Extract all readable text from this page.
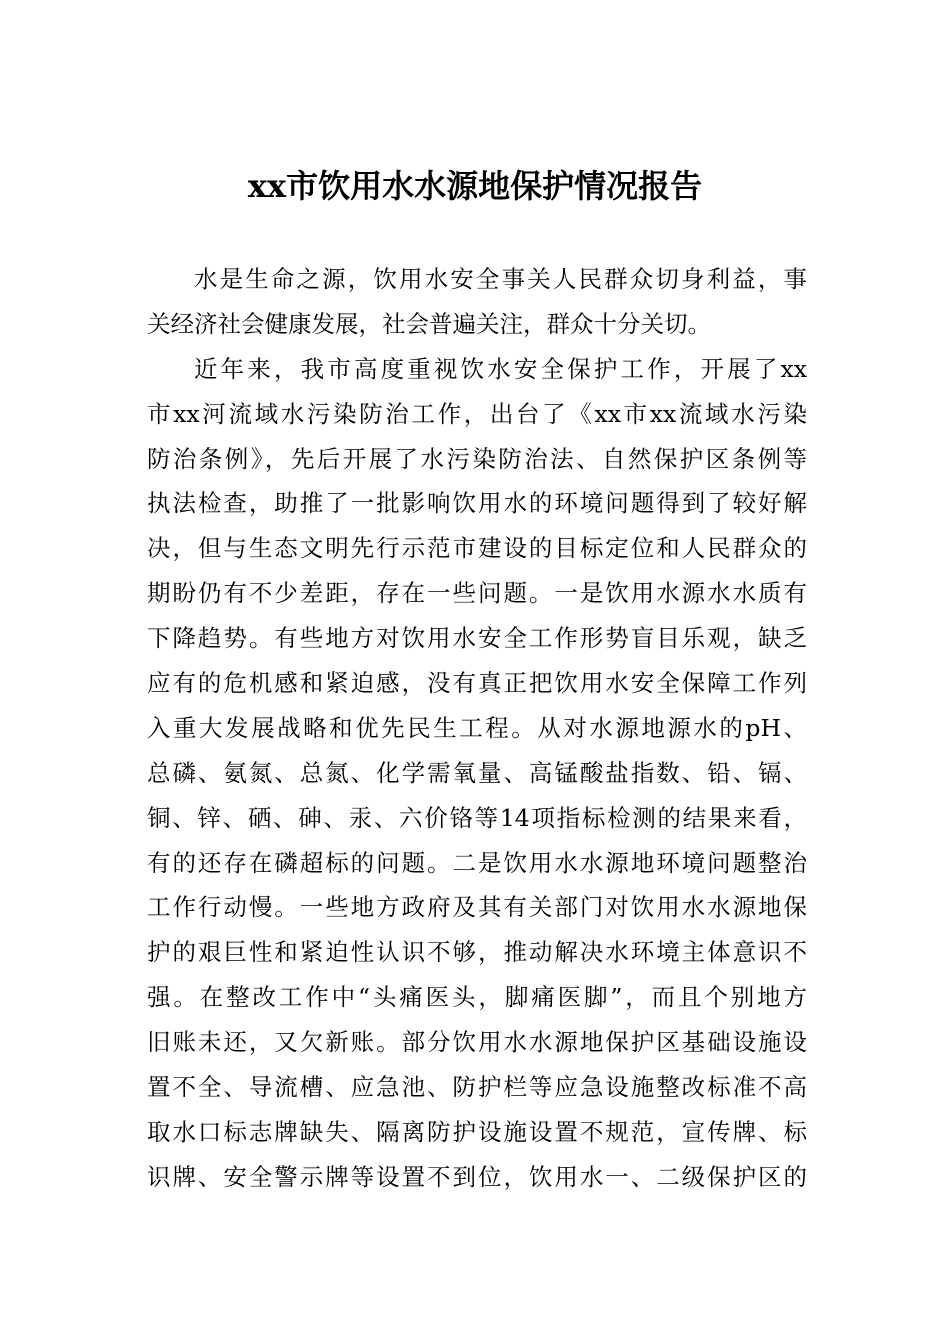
xx市饮用水水源地保护情况报告
水是生命之源，饮用水安全事关人民群众切身利益，事
关经济社会健康发展，社会普遍关注，群众十分关切。
近年来，我市高度重视饮水安全保护工作，开展了xx
市xx河流域水污染防治工作，出台了《xx市xx流域水污染
防治条例》，先后开展了水污染防治法、自然保护区条例等
执法检查，助推了一批影响饮用水的环境问题得到了较好解
决，但与生态文明先行示范市建设的目标定位和人民群众的
期盼仍有不少差距，存在一些问题。一是饮用水源水水质有
下降趋势。有些地方对饮用水安全工作形势盲目乐观，缺乏
应有的危机感和紧迫感，没有真正把饮用水安全保障工作列
入重大发展战略和优先民生工程。从对水源地源水的pH、
总磷、氨氮、总氮、化学需氧量、高锰酸盐指数、铅、镉、
铜、锌、硒、砷、汞、六价铬等14项指标检测的结果来看，
有的还存在磷超标的问题。二是饮用水水源地环境问题整治
工作行动慢。一些地方政府及其有关部门对饮用水水源地保
护的艰巨性和紧迫性认识不够，推动解决水环境主体意识不
强。在整改工作中“头痛医头，脚痛医脚”，而且个别地方
旧账未还，又欠新账。部分饮用水水源地保护区基础设施设
置不全、导流槽、应急池、防护栏等应急设施整改标准不高
取水口标志牌缺失、隔离防护设施设置不规范，宣传牌、标
识牌、安全警示牌等设置不到位，饮用水一、二级保护区的
